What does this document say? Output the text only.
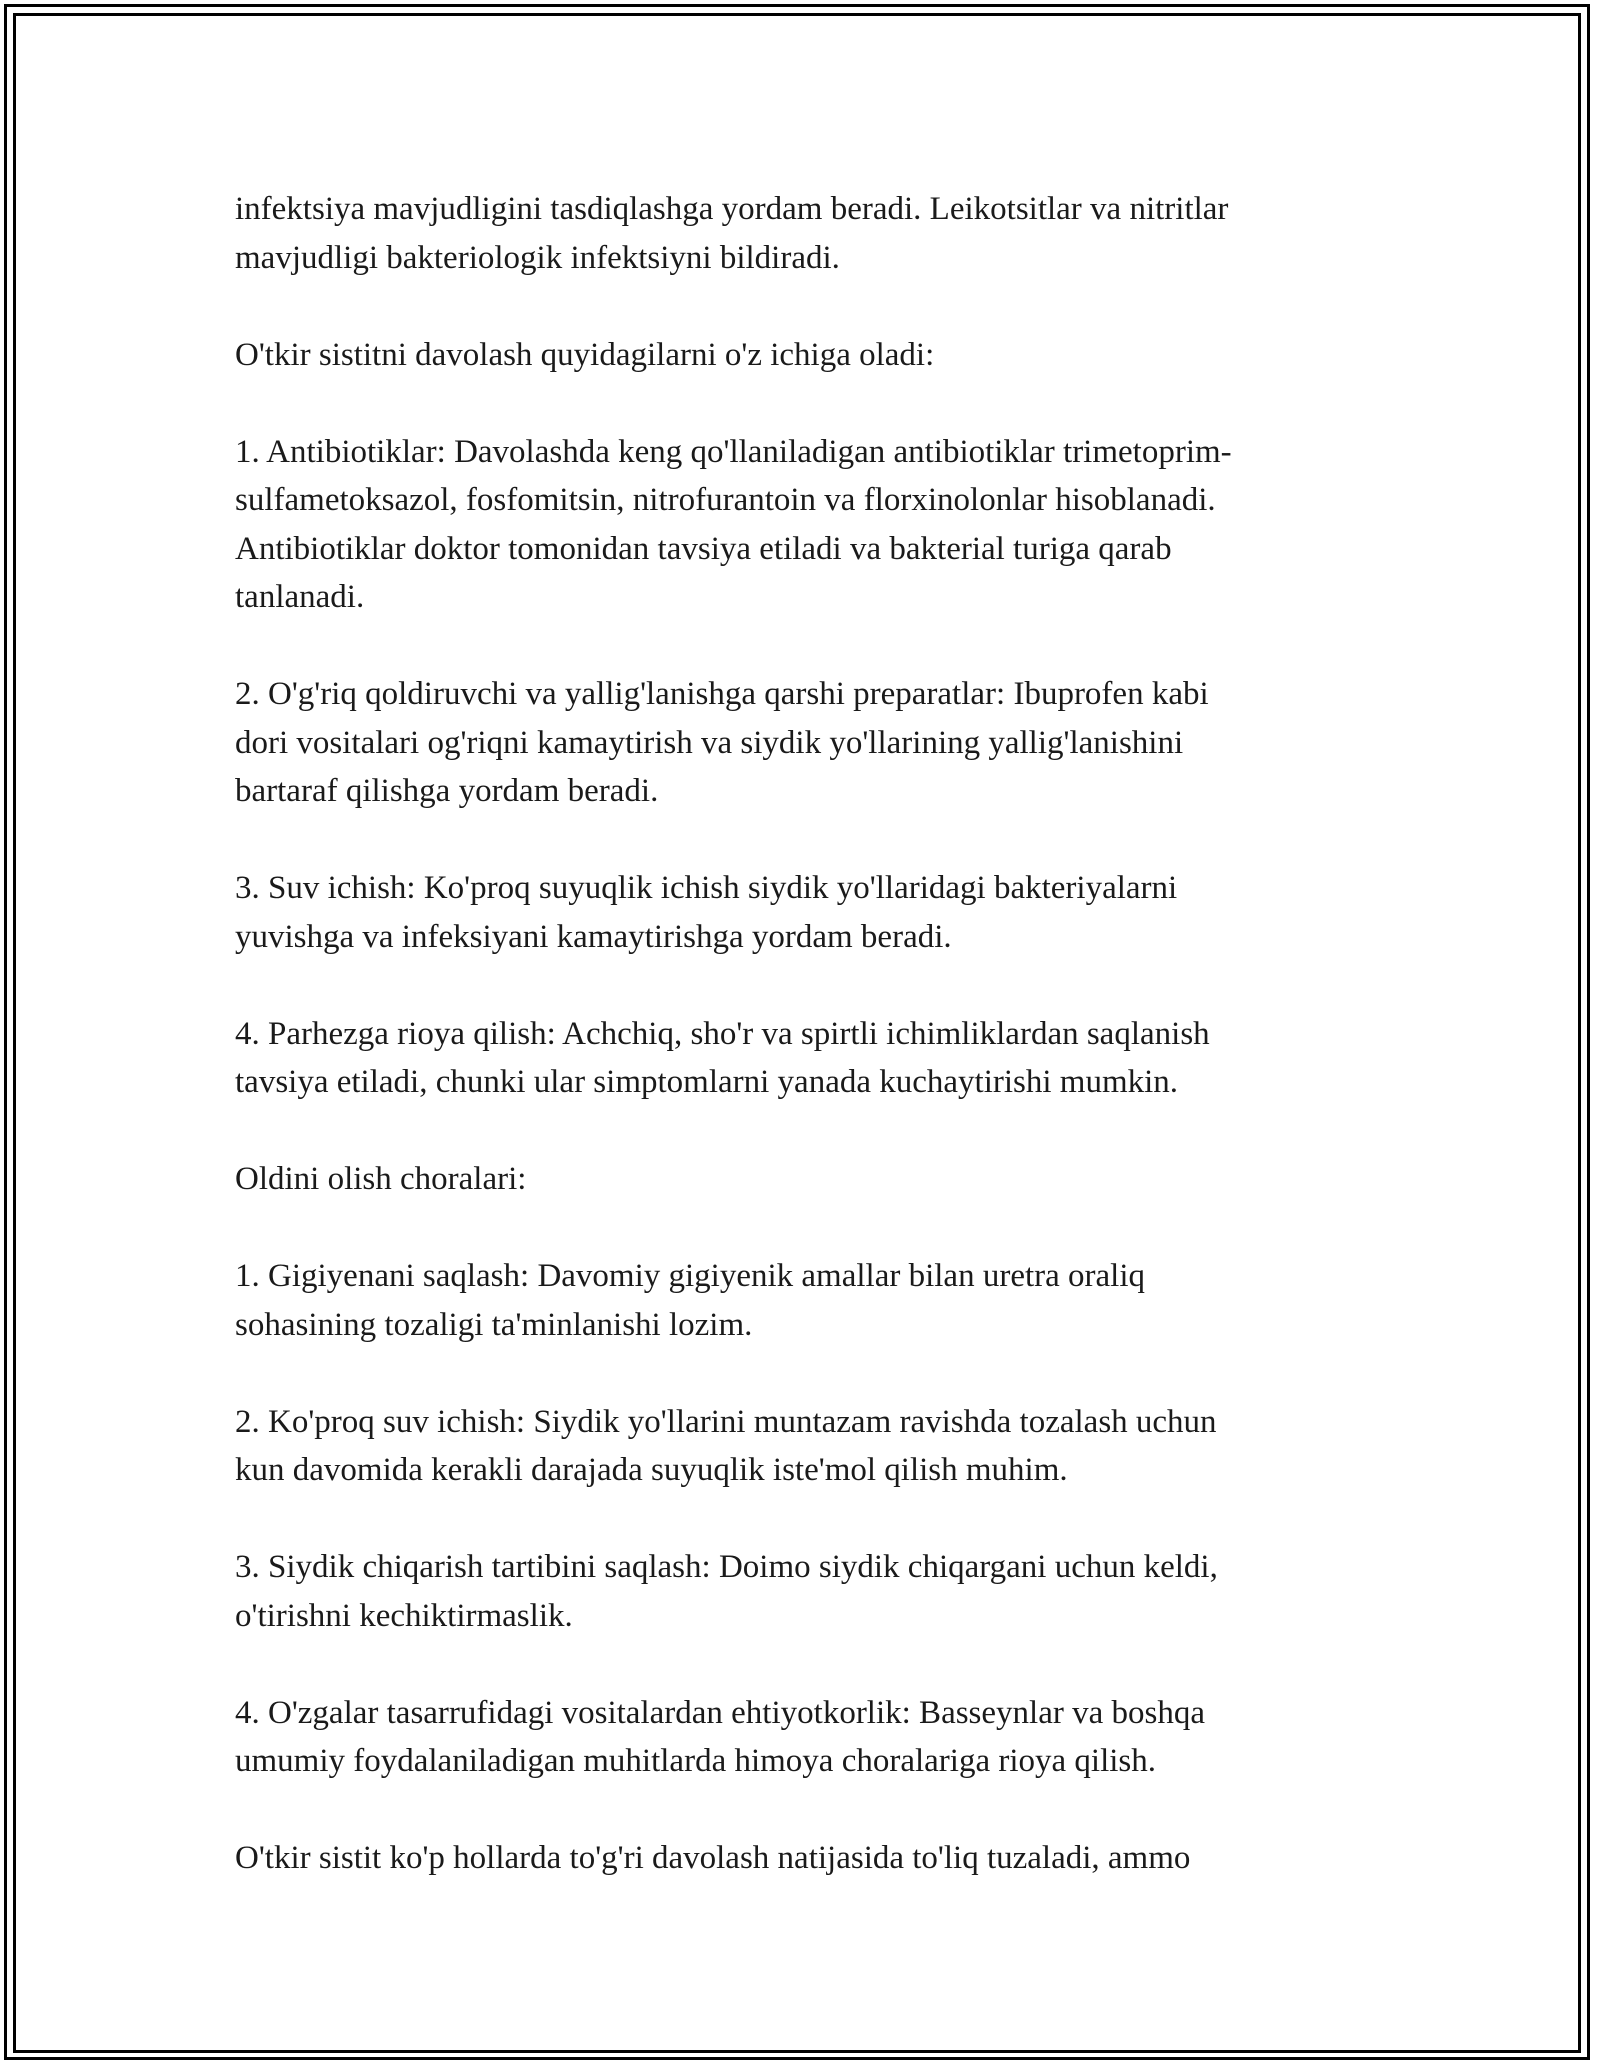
infektsiya mavjudligini tasdiqlashga yordam beradi. Leikotsitlar va nitritlar
mavjudligi bakteriologik infektsiyni bildiradi.

O'tkir sistitni davolash quyidagilarni o'z ichiga oladi:

1. Antibiotiklar: Davolashda keng qo'llaniladigan antibiotiklar trimetoprim-
sulfametoksazol, fosfomitsin, nitrofurantoin va florxinolonlar hisoblanadi.
Antibiotiklar doktor tomonidan tavsiya etiladi va bakterial turiga qarab
tanlanadi.

2. O'g'riq qoldiruvchi va yallig'lanishga qarshi preparatlar: Ibuprofen kabi
dori vositalari og'riqni kamaytirish va siydik yo'llarining yallig'lanishini
bartaraf qilishga yordam beradi.

3. Suv ichish: Ko'proq suyuqlik ichish siydik yo'llaridagi bakteriyalarni
yuvishga va infeksiyani kamaytirishga yordam beradi.

4. Parhezga rioya qilish: Achchiq, sho'r va spirtli ichimliklardan saqlanish
tavsiya etiladi, chunki ular simptomlarni yanada kuchaytirishi mumkin.

Oldini olish choralari:

1. Gigiyenani saqlash: Davomiy gigiyenik amallar bilan uretra oraliq
sohasining tozaligi ta'minlanishi lozim.

2. Ko'proq suv ichish: Siydik yo'llarini muntazam ravishda tozalash uchun
kun davomida kerakli darajada suyuqlik iste'mol qilish muhim.

3. Siydik chiqarish tartibini saqlash: Doimo siydik chiqargani uchun keldi,
o'tirishni kechiktirmaslik.

4. O'zgalar tasarrufidagi vositalardan ehtiyotkorlik: Basseynlar va boshqa
umumiy foydalaniladigan muhitlarda himoya choralariga rioya qilish.

O'tkir sistit ko'p hollarda to'g'ri davolash natijasida to'liq tuzaladi, ammo
